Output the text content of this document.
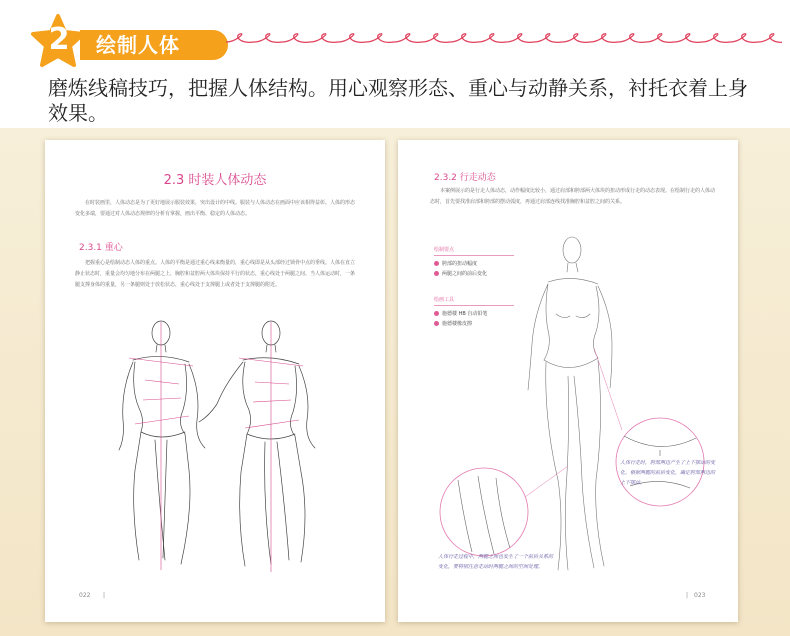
2 绘制人体
磨炼线稿技巧，把握人体结构。用心观察形态、重心与动静关系，衬托衣着上身效果。
2.3 时装人体动态
在时装画里，人体动态是为了更好地展示服装效果，突出设计的中线。服装与人体动态在画面中应该相得益彰。人体的形态变化多端，要通过对人体动态规律的分析有掌握，画出平衡、稳定的人体动态。
2.3.1 重心
把握重心是绘制动态人体的重点。人体的平衡是通过重心线来衡量的，重心线即是从头部经过锁骨中点的垂线。人体在直立静止状态时，重量会均匀地分布在两腿之上，胸腔和盆腔两大体块保持平行的状态，重心线处于两腿之间。当人体运动时，一条腿支撑身体的重量，另一条腿则处于放松状态，重心线处于支撑腿上或者处于支撑腿的附近。
022 |
2.3.2 行走动态
本案例展示的是行走人体动态，动作幅度比较小，通过肩部和胯部两大体块的扭动形成行走的动态表现。在绘制行走的人体动态时，首先要找准肩部和胯部的摆动弧度，再通过肩部连线找准胸腔和盆腔之间的关系。
绘制要点
胯部的扭动幅度
两腿之间的前后变化
绘画工具
施德楼 HB 自动铅笔
施德楼橡皮擦
人体行走时，胯部两边产生了上下摆动的变化。根据两腿的前后变化，确定胯部两边的上下摆动。
人体行走过程中，两腿之间也发生了一个前后关系的变化，要特别注意走动时两腿之间的空间处理。
| 023
